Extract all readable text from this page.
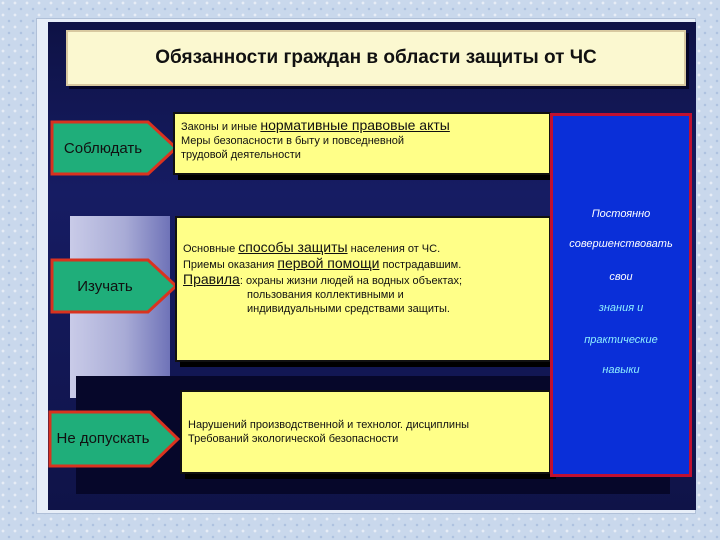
Обязанности граждан в области защиты от ЧС
Соблюдать
Изучать
Не допускать
Законы и иные нормативные правовые акты
Меры безопасности в быту и повседневной
трудовой деятельности
Основные способы защиты населения от ЧС.
Приемы оказания первой помощи пострадавшим.
Правила: охраны жизни людей на водных объектах;
пользования коллективными и
индивидуальными средствами защиты.
Нарушений производственной и технолог. дисциплины
Требований экологической безопасности
Постоянно
совершенствовать
свои
знания и
практические
навыки
